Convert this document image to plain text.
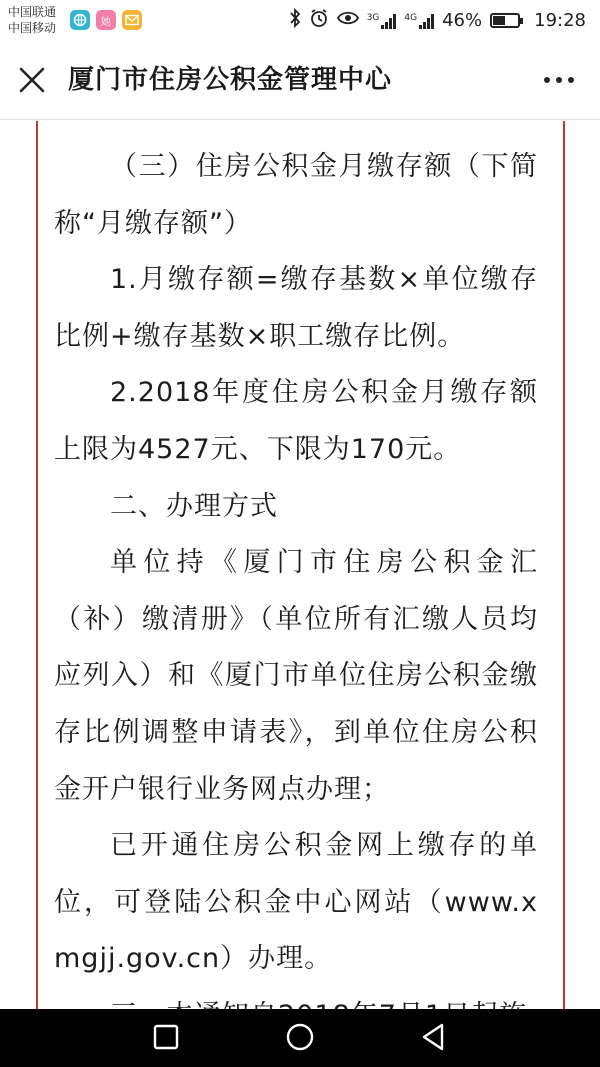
中国联通
中国移动	她	3G	4G 46%	19:28
厦门市住房公积金管理中心

（三）住房公积金月缴存额（下简称“月缴存额”）

1.月缴存额=缴存基数×单位缴存比例+缴存基数×职工缴存比例。

2.2018年度住房公积金月缴存额上限为4527元、下限为170元。

二、办理方式

单位持《厦门市住房公积金汇（补）缴清册》（单位所有汇缴人员均应列入）和《厦门市单位住房公积金缴存比例调整申请表》，到单位住房公积金开户银行业务网点办理；

已开通住房公积金网上缴存的单位，可登陆公积金中心网站（www.xmgjj.gov.cn）办理。
